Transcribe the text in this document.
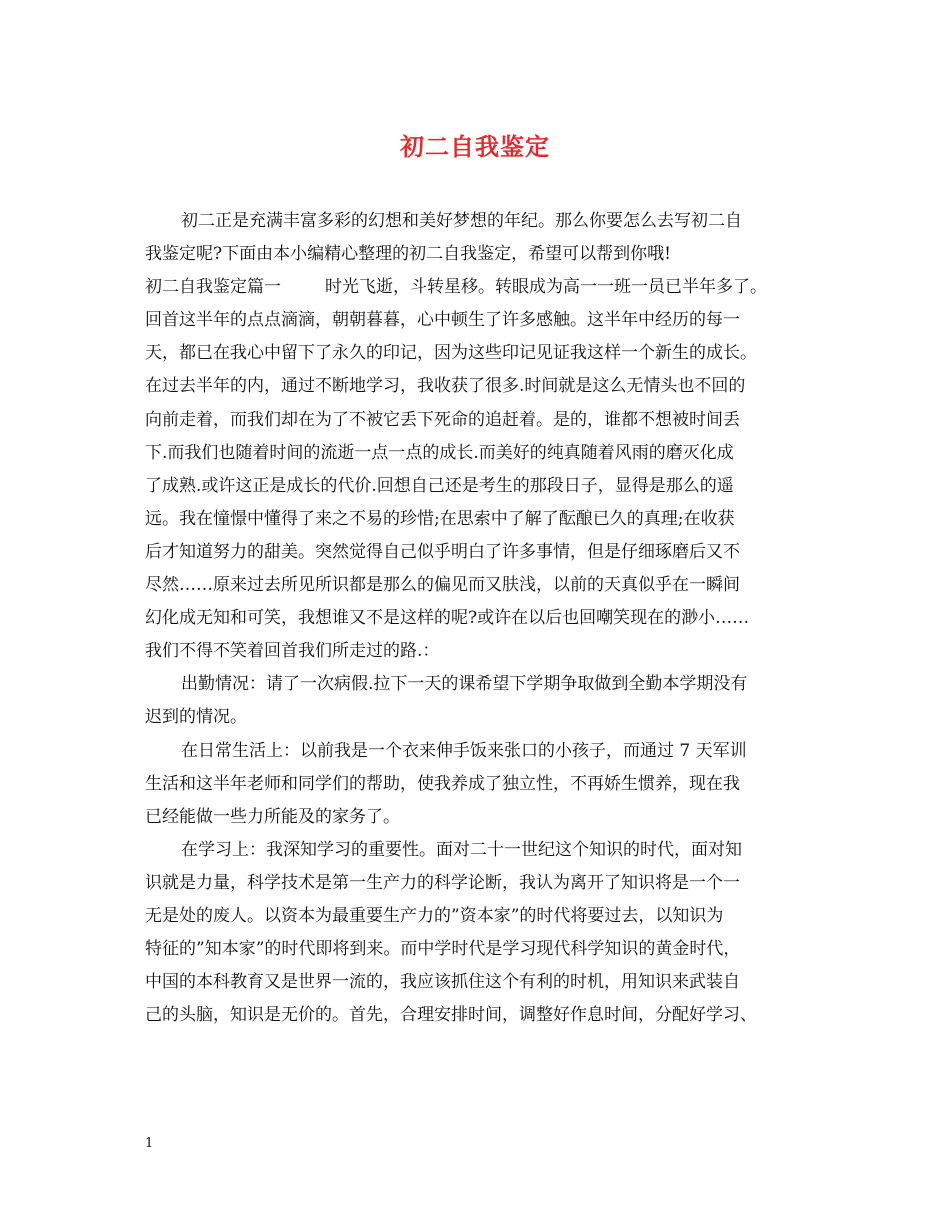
初二自我鉴定
初二正是充满丰富多彩的幻想和美好梦想的年纪。那么你要怎么去写初二自
我鉴定呢?下面由本小编精心整理的初二自我鉴定，希望可以帮到你哦!
初二自我鉴定篇一	时光飞逝，斗转星移。转眼成为高一一班一员已半年多了。
回首这半年的点点滴滴，朝朝暮暮，心中顿生了许多感触。这半年中经历的每一
天，都已在我心中留下了永久的印记，因为这些印记见证我这样一个新生的成长。
在过去半年的内，通过不断地学习，我收获了很多.时间就是这么无情头也不回的
向前走着，而我们却在为了不被它丢下死命的追赶着。是的，谁都不想被时间丢
下.而我们也随着时间的流逝一点一点的成长.而美好的纯真随着风雨的磨灭化成
了成熟.或许这正是成长的代价.回想自己还是考生的那段日子，显得是那么的遥
远。我在憧憬中懂得了来之不易的珍惜;在思索中了解了酝酿已久的真理;在收获
后才知道努力的甜美。突然觉得自己似乎明白了许多事情，但是仔细琢磨后又不
尽然……原来过去所见所识都是那么的偏见而又肤浅，以前的天真似乎在一瞬间
幻化成无知和可笑，我想谁又不是这样的呢?或许在以后也回嘲笑现在的渺小……
我们不得不笑着回首我们所走过的路.：
出勤情况：请了一次病假.拉下一天的课希望下学期争取做到全勤本学期没有
迟到的情况。
在日常生活上：以前我是一个衣来伸手饭来张口的小孩子，而通过 7 天军训
生活和这半年老师和同学们的帮助，使我养成了独立性，不再娇生惯养，现在我
已经能做一些力所能及的家务了。
在学习上：我深知学习的重要性。面对二十一世纪这个知识的时代，面对知
识就是力量，科学技术是第一生产力的科学论断，我认为离开了知识将是一个一
无是处的废人。以资本为最重要生产力的”资本家”的时代将要过去，以知识为
特征的”知本家”的时代即将到来。而中学时代是学习现代科学知识的黄金时代，
中国的本科教育又是世界一流的，我应该抓住这个有利的时机，用知识来武装自
己的头脑，知识是无价的。首先，合理安排时间，调整好作息时间，分配好学习、
1
